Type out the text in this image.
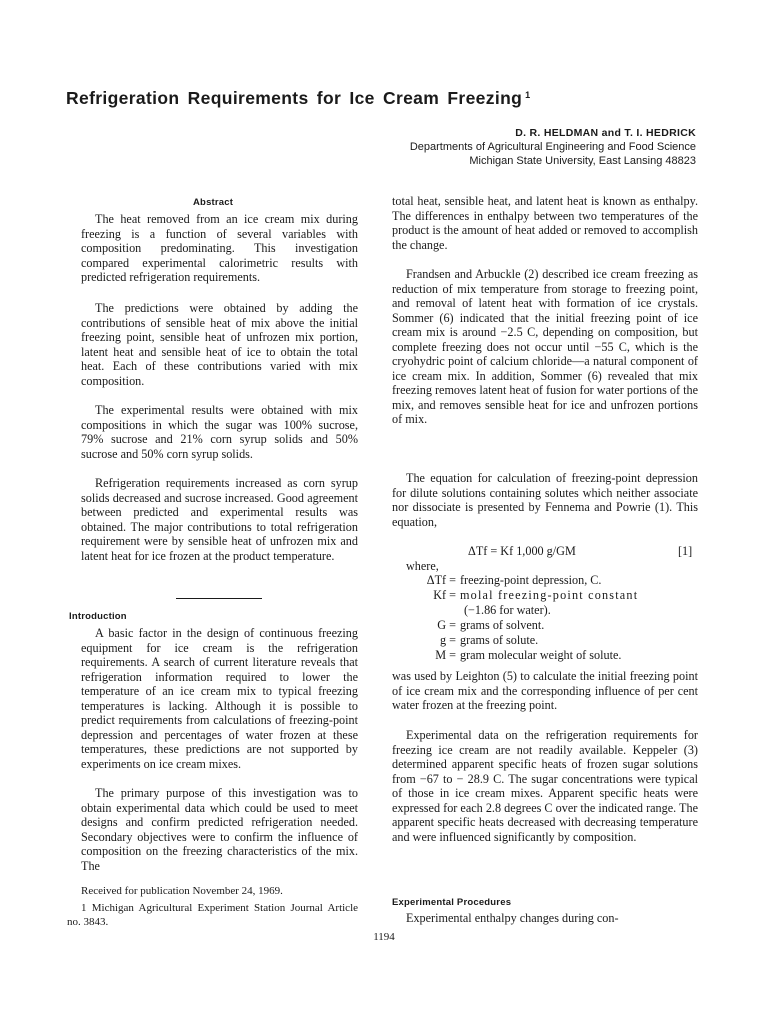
Refrigeration Requirements for Ice Cream Freezing $^1$
D. R. HELDMAN and T. I. HEDRICK
Departments of Agricultural Engineering and Food Science
Michigan State University, East Lansing 48823
Abstract

The heat removed from an ice cream mix during freezing is a function of several variables with composition predominating. This investigation compared experimental calorimetric results with predicted refrigeration requirements.

The predictions were obtained by adding the contributions of sensible heat of mix above the initial freezing point, sensible heat of unfrozen mix portion, latent heat and sensible heat of ice to obtain the total heat. Each of these contributions varied with mix composition.

The experimental results were obtained with mix compositions in which the sugar was 100% sucrose, 79% sucrose and 21% corn syrup solids and 50% sucrose and 50% corn syrup solids.

Refrigeration requirements increased as corn syrup solids decreased and sucrose increased. Good agreement between predicted and experimental results was obtained. The major contributions to total refrigeration requirement were by sensible heat of unfrozen mix and latent heat for ice frozen at the product temperature.

Introduction

A basic factor in the design of continuous freezing equipment for ice cream is the refrigeration requirements. A search of current literature reveals that refrigeration information required to lower the temperature of an ice cream mix to typical freezing temperatures is lacking. Although it is possible to predict requirements from calculations of freezing-point depression and percentages of water frozen at these temperatures, these predictions are not supported by experiments on ice cream mixes.

The primary purpose of this investigation was to obtain experimental data which could be used to meet designs and confirm predicted refrigeration needed. Secondary objectives were to confirm the influence of composition on the freezing characteristics of the mix. The

Received for publication November 24, 1969.
1 Michigan Agricultural Experiment Station Journal Article no. 3843.

total heat, sensible heat, and latent heat is known as enthalpy. The differences in enthalpy between two temperatures of the product is the amount of heat added or removed to accomplish the change.

Frandsen and Arbuckle (2) described ice cream freezing as reduction of mix temperature from storage to freezing point, and removal of latent heat with formation of ice crystals. Sommer (6) indicated that the initial freezing point of ice cream mix is around −2.5 C, depending on composition, but complete freezing does not occur until −55 C, which is the cryohydric point of calcium chloride—a natural component of ice cream mix. In addition, Sommer (6) revealed that mix freezing removes latent heat of fusion for water portions of the mix, and removes sensible heat for ice and unfrozen portions of mix.

The equation for calculation of freezing-point depression for dilute solutions containing solutes which neither associate nor dissociate is presented by Fennema and Powrie (1). This equation,

ΔTf = Kf 1,000 g/GM	[1]
where,
ΔTf = freezing-point depression, C.
Kf = molal freezing-point constant
(−1.86 for water).
G = grams of solvent.
g = grams of solute.
M = gram molecular weight of solute.

was used by Leighton (5) to calculate the initial freezing point of ice cream mix and the corresponding influence of per cent water frozen at the freezing point.

Experimental data on the refrigeration requirements for freezing ice cream are not readily available. Keppeler (3) determined apparent specific heats of frozen sugar solutions from −67 to − 28.9 C. The sugar concentrations were typical of those in ice cream mixes. Apparent specific heats were expressed for each 2.8 degrees C over the indicated range. The apparent specific heats decreased with decreasing temperature and were influenced significantly by composition.

Experimental Procedures

Experimental enthalpy changes during con-

1194
